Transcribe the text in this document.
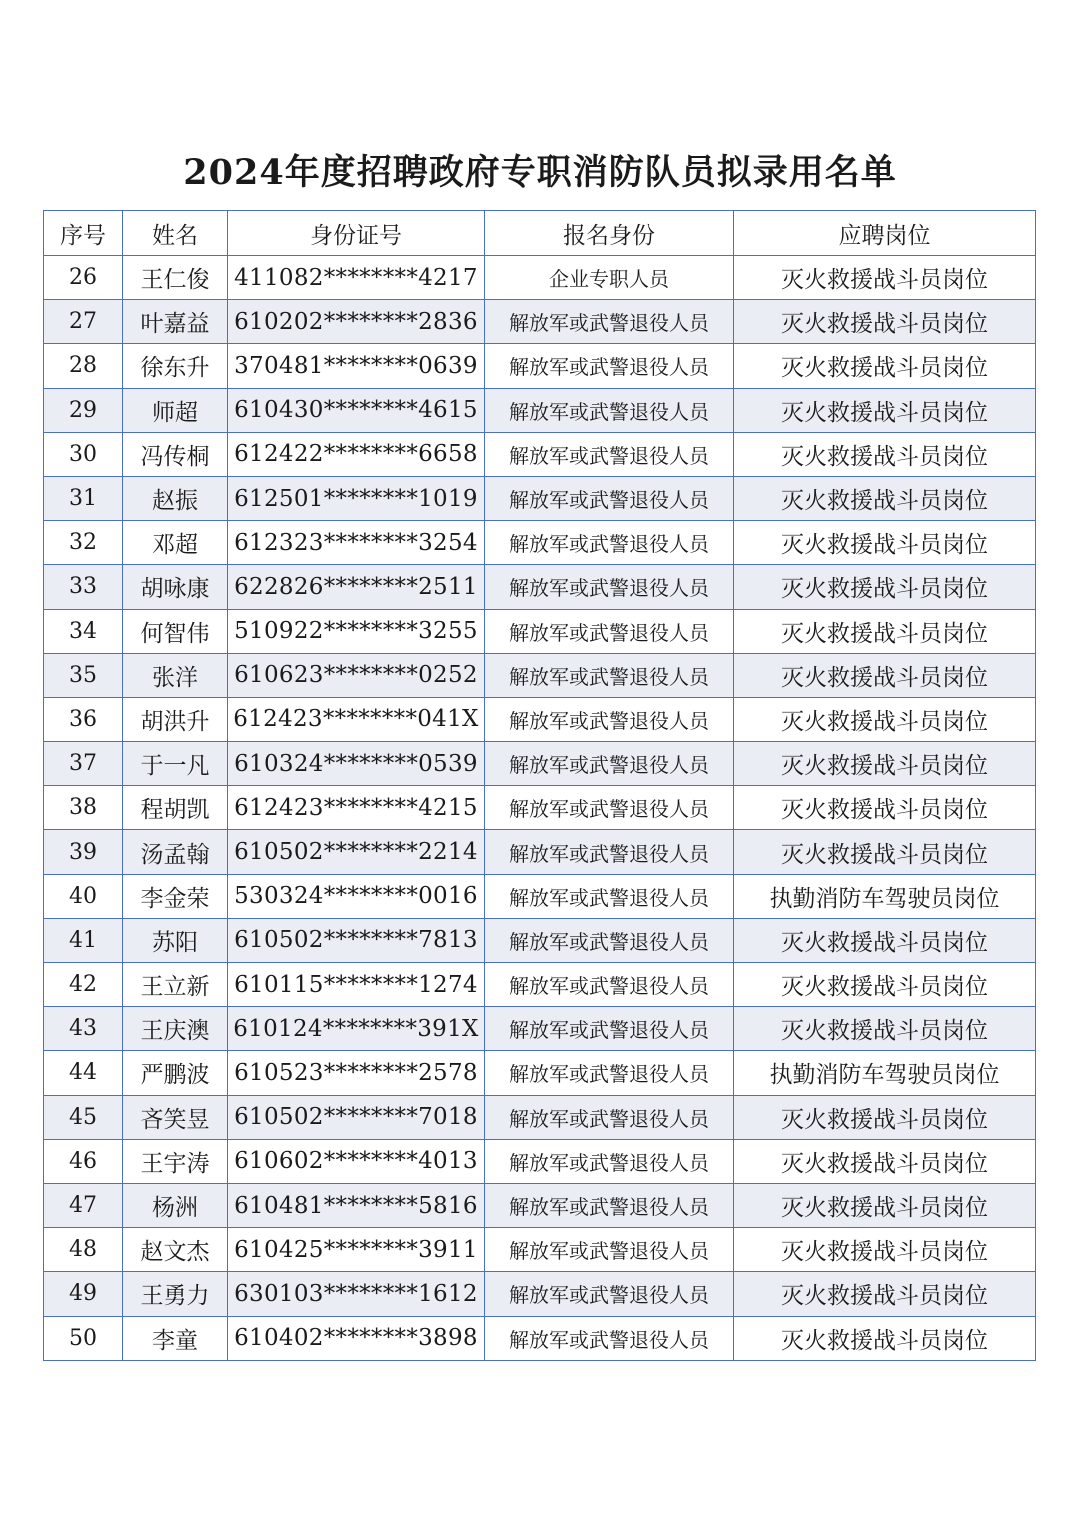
2024年度招聘政府专职消防队员拟录用名单
序号	姓名	身份证号	报名身份	应聘岗位
26	王仁俊	411082********4217	企业专职人员	灭火救援战斗员岗位
27	叶嘉益	610202********2836	解放军或武警退役人员	灭火救援战斗员岗位
28	徐东升	370481********0639	解放军或武警退役人员	灭火救援战斗员岗位
29	师超	610430********4615	解放军或武警退役人员	灭火救援战斗员岗位
30	冯传桐	612422********6658	解放军或武警退役人员	灭火救援战斗员岗位
31	赵振	612501********1019	解放军或武警退役人员	灭火救援战斗员岗位
32	邓超	612323********3254	解放军或武警退役人员	灭火救援战斗员岗位
33	胡咏康	622826********2511	解放军或武警退役人员	灭火救援战斗员岗位
34	何智伟	510922********3255	解放军或武警退役人员	灭火救援战斗员岗位
35	张洋	610623********0252	解放军或武警退役人员	灭火救援战斗员岗位
36	胡洪升	612423********041X	解放军或武警退役人员	灭火救援战斗员岗位
37	于一凡	610324********0539	解放军或武警退役人员	灭火救援战斗员岗位
38	程胡凯	612423********4215	解放军或武警退役人员	灭火救援战斗员岗位
39	汤孟翰	610502********2214	解放军或武警退役人员	灭火救援战斗员岗位
40	李金荣	530324********0016	解放军或武警退役人员	执勤消防车驾驶员岗位
41	苏阳	610502********7813	解放军或武警退役人员	灭火救援战斗员岗位
42	王立新	610115********1274	解放军或武警退役人员	灭火救援战斗员岗位
43	王庆澳	610124********391X	解放军或武警退役人员	灭火救援战斗员岗位
44	严鹏波	610523********2578	解放军或武警退役人员	执勤消防车驾驶员岗位
45	吝笑昱	610502********7018	解放军或武警退役人员	灭火救援战斗员岗位
46	王宇涛	610602********4013	解放军或武警退役人员	灭火救援战斗员岗位
47	杨洲	610481********5816	解放军或武警退役人员	灭火救援战斗员岗位
48	赵文杰	610425********3911	解放军或武警退役人员	灭火救援战斗员岗位
49	王勇力	630103********1612	解放军或武警退役人员	灭火救援战斗员岗位
50	李童	610402********3898	解放军或武警退役人员	灭火救援战斗员岗位
